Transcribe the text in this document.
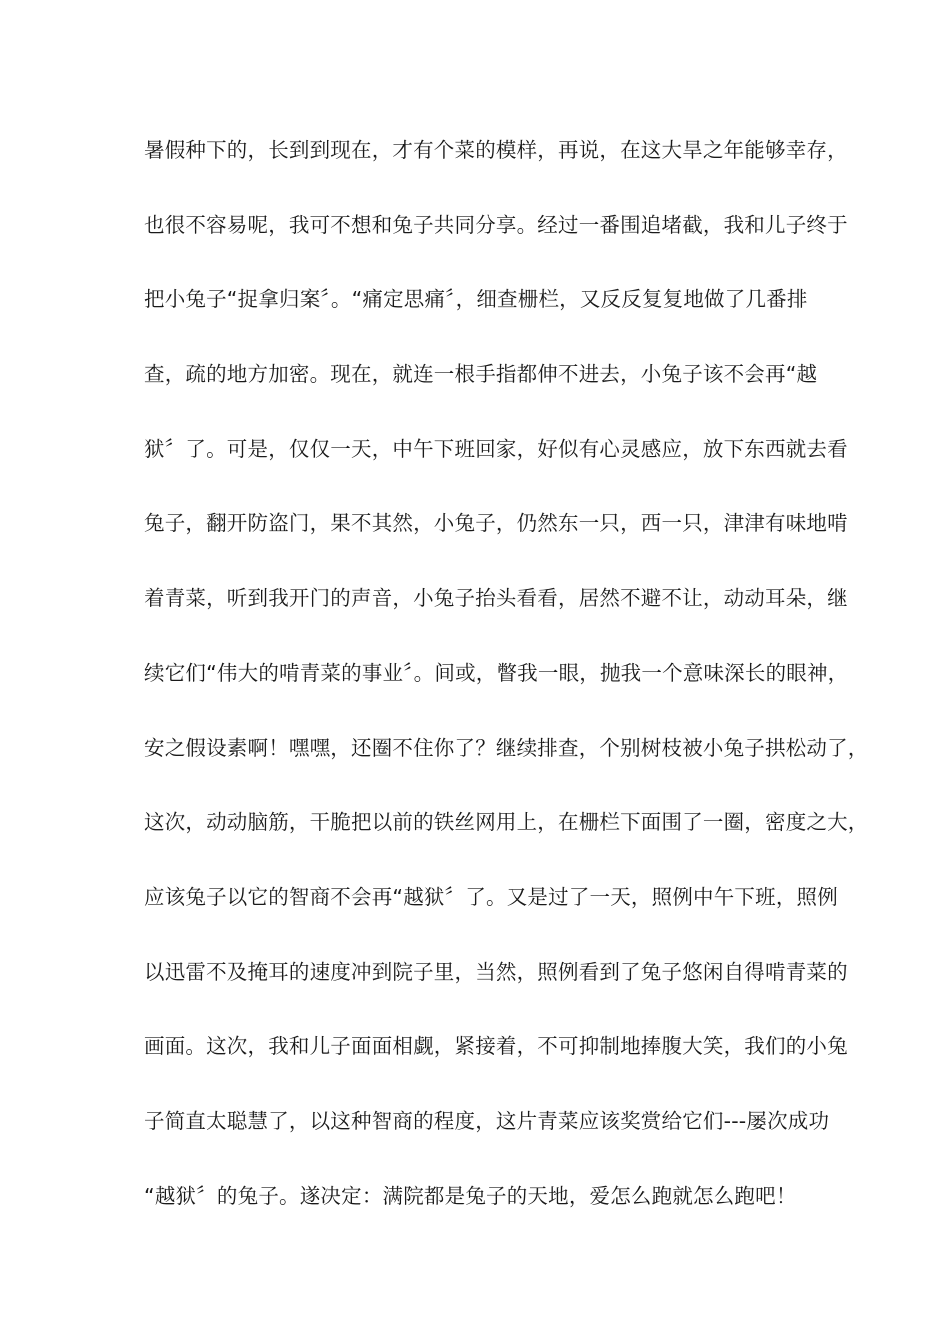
暑假种下的，长到到现在，才有个菜的模样，再说，在这大旱之年能够幸存，
也很不容易呢，我可不想和兔子共同分享。经过一番围追堵截，我和儿子终于
把小兔子“捉拿归案〞。“痛定思痛〞，细查栅栏，又反反复复地做了几番排
查，疏的地方加密。现在，就连一根手指都伸不进去，小兔子该不会再“越
狱〞了。可是，仅仅一天，中午下班回家，好似有心灵感应，放下东西就去看
兔子，翻开防盗门，果不其然，小兔子，仍然东一只，西一只，津津有味地啃
着青菜，听到我开门的声音，小兔子抬头看看，居然不避不让，动动耳朵，继
续它们“伟大的啃青菜的事业〞。间或，瞥我一眼，抛我一个意味深长的眼神，
安之假设素啊！嘿嘿，还圈不住你了？继续排查，个别树枝被小兔子拱松动了，
这次，动动脑筋，干脆把以前的铁丝网用上，在栅栏下面围了一圈，密度之大，
应该兔子以它的智商不会再“越狱〞了。又是过了一天，照例中午下班，照例
以迅雷不及掩耳的速度冲到院子里，当然，照例看到了兔子悠闲自得啃青菜的
画面。这次，我和儿子面面相觑，紧接着，不可抑制地捧腹大笑，我们的小兔
子简直太聪慧了，以这种智商的程度，这片青菜应该奖赏给它们---屡次成功
“越狱〞的兔子。遂决定：满院都是兔子的天地，爱怎么跑就怎么跑吧！
